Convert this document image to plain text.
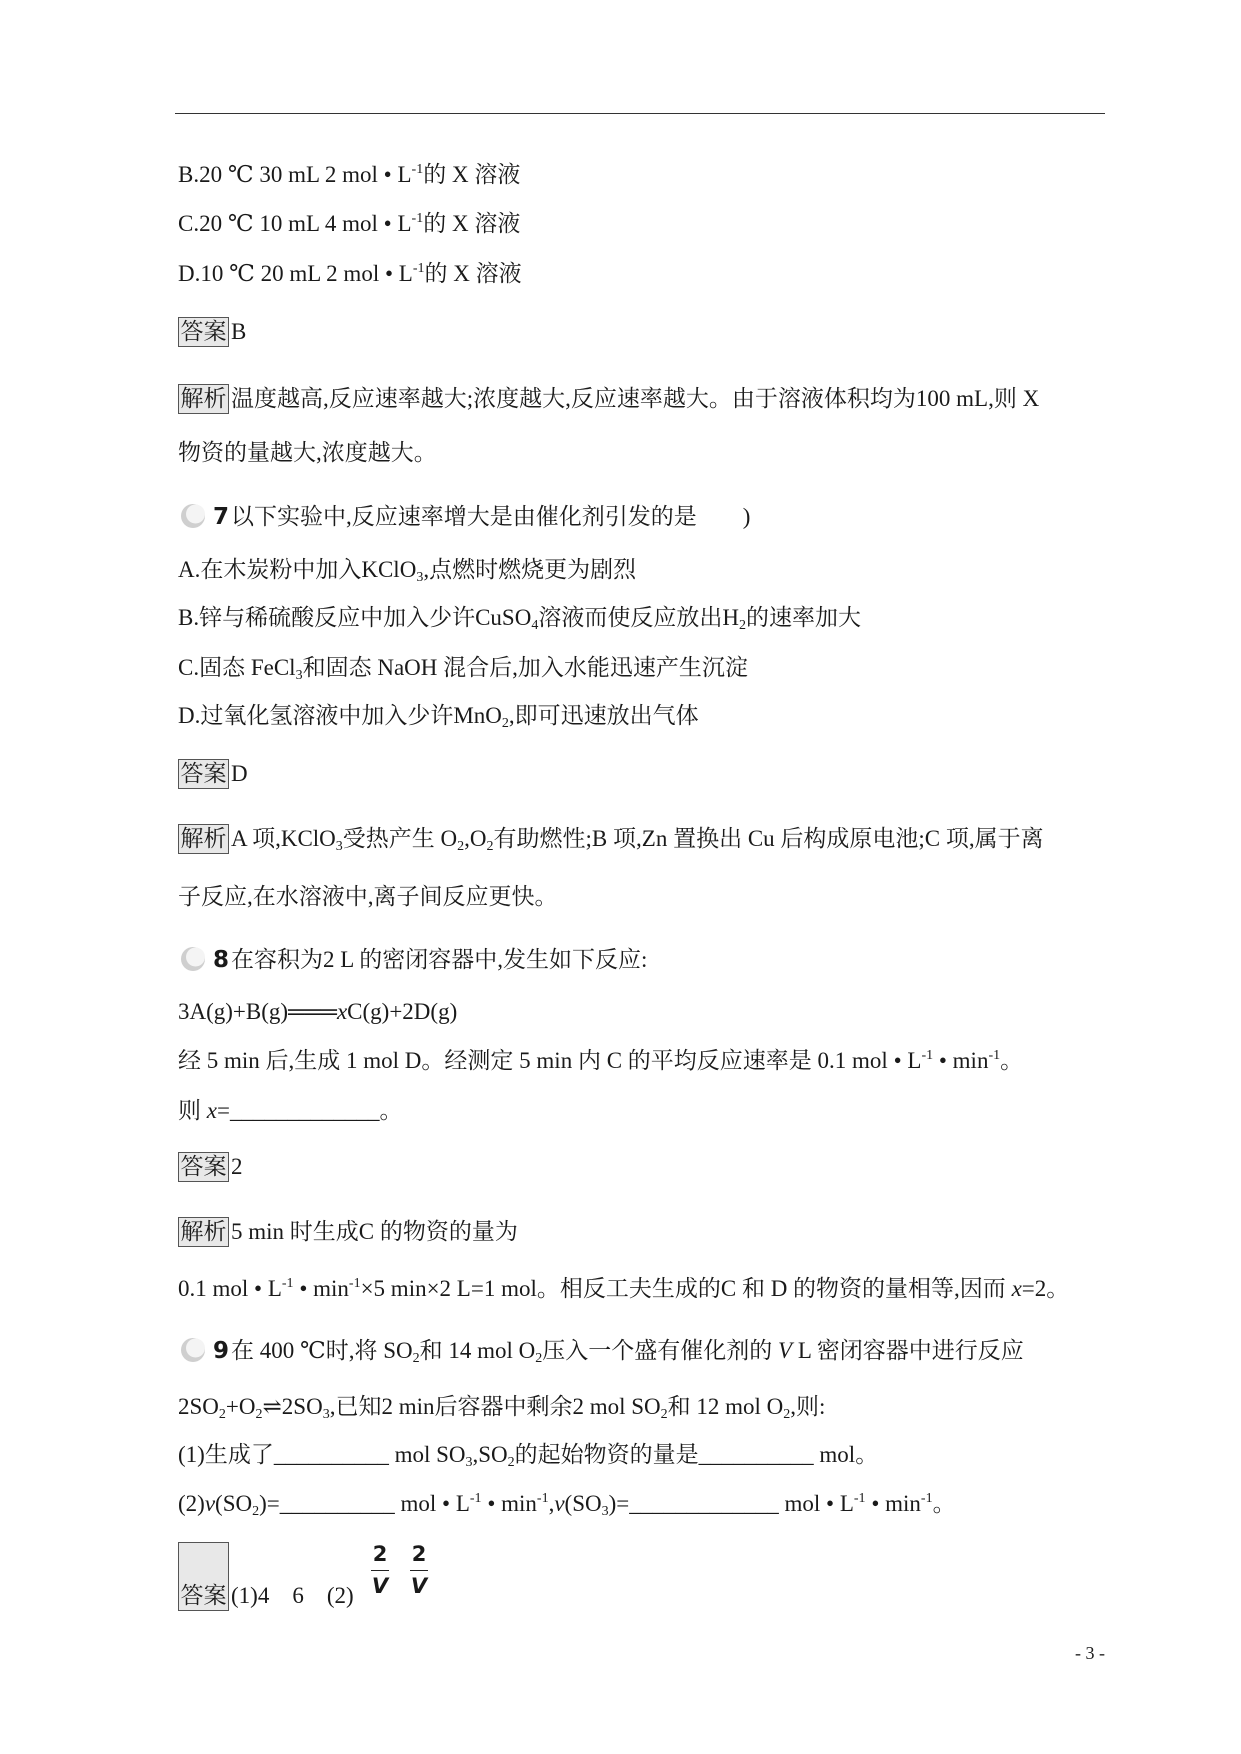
B.20 ℃ 30 mL 2 mol • $L^{-1}$的 X 溶液
C.20 ℃ 10 mL 4 mol • $L^{-1}$的 X 溶液
D.10 ℃ 20 mL 2 mol • $L^{-1}$的 X 溶液
答案 B
解析 温度越高,反应速率越大;浓度越大,反应速率越大。由于溶液体积均为100 mL,则 X
物资的量越大,浓度越大。
7 以下实验中,反应速率增大是由催化剂引发的是　　)
A.在木炭粉中加入KClO$_3$,点燃时燃烧更为剧烈
B.锌与稀硫酸反应中加入少许CuSO$_4$溶液而使反应放出$H_2$的速率加大
C.固态 FeCl$_3$和固态 NaOH 混合后,加入水能迅速产生沉淀
D.过氧化氢溶液中加入少许MnO$_2$,即可迅速放出气体
答案 D
解析 A 项,KClO$_3$受热产生 $O_2,O_2$有助燃性;B 项,Zn 置换出 Cu 后构成原电池;C 项,属于离
子反应,在水溶液中,离子间反应更快。
8 在容积为2 L 的密闭容器中,发生如下反应:
3A(g)+B(g)═══xC(g)+2D(g)
经 5 min 后,生成 1 mol D。经测定 5 min 内 C 的平均反应速率是 0.1 mol • $L^{-1}$ • $\min^{-1}$。
则 x=_____________。
答案 2
解析 5 min 时生成C 的物资的量为
0.1 mol • $L^{-1}$ • $\min^{-1}\times 5$ min×2 L=1 mol。相反工夫生成的C 和 D 的物资的量相等,因而 x=2。
9 在 400 ℃时,将 $SO_2$和 14 mol $O_2$压入一个盛有催化剂的 V L 密闭容器中进行反应
$2SO_2+O_2\rightleftharpoons 2SO_3$,已知2 min后容器中剩余2 mol $SO_2$和 12 mol $O_2$,则:
(1)生成了__________ mol $SO_3,SO_2$的起始物资的量是__________ mol。
$(2)v(SO_2)=\_\_\_\_\_\_\_\_\_\_$ mol • $L^{-1}$ • $\min^{-1},v(SO_3)=\_\_\_\_\_\_\_\_\_\_\_\_\_$ mol • $L^{-1}$ • $\min^{-1}$。
答案 (1)4　6　(2)
2
V
2
V
- 3 -
